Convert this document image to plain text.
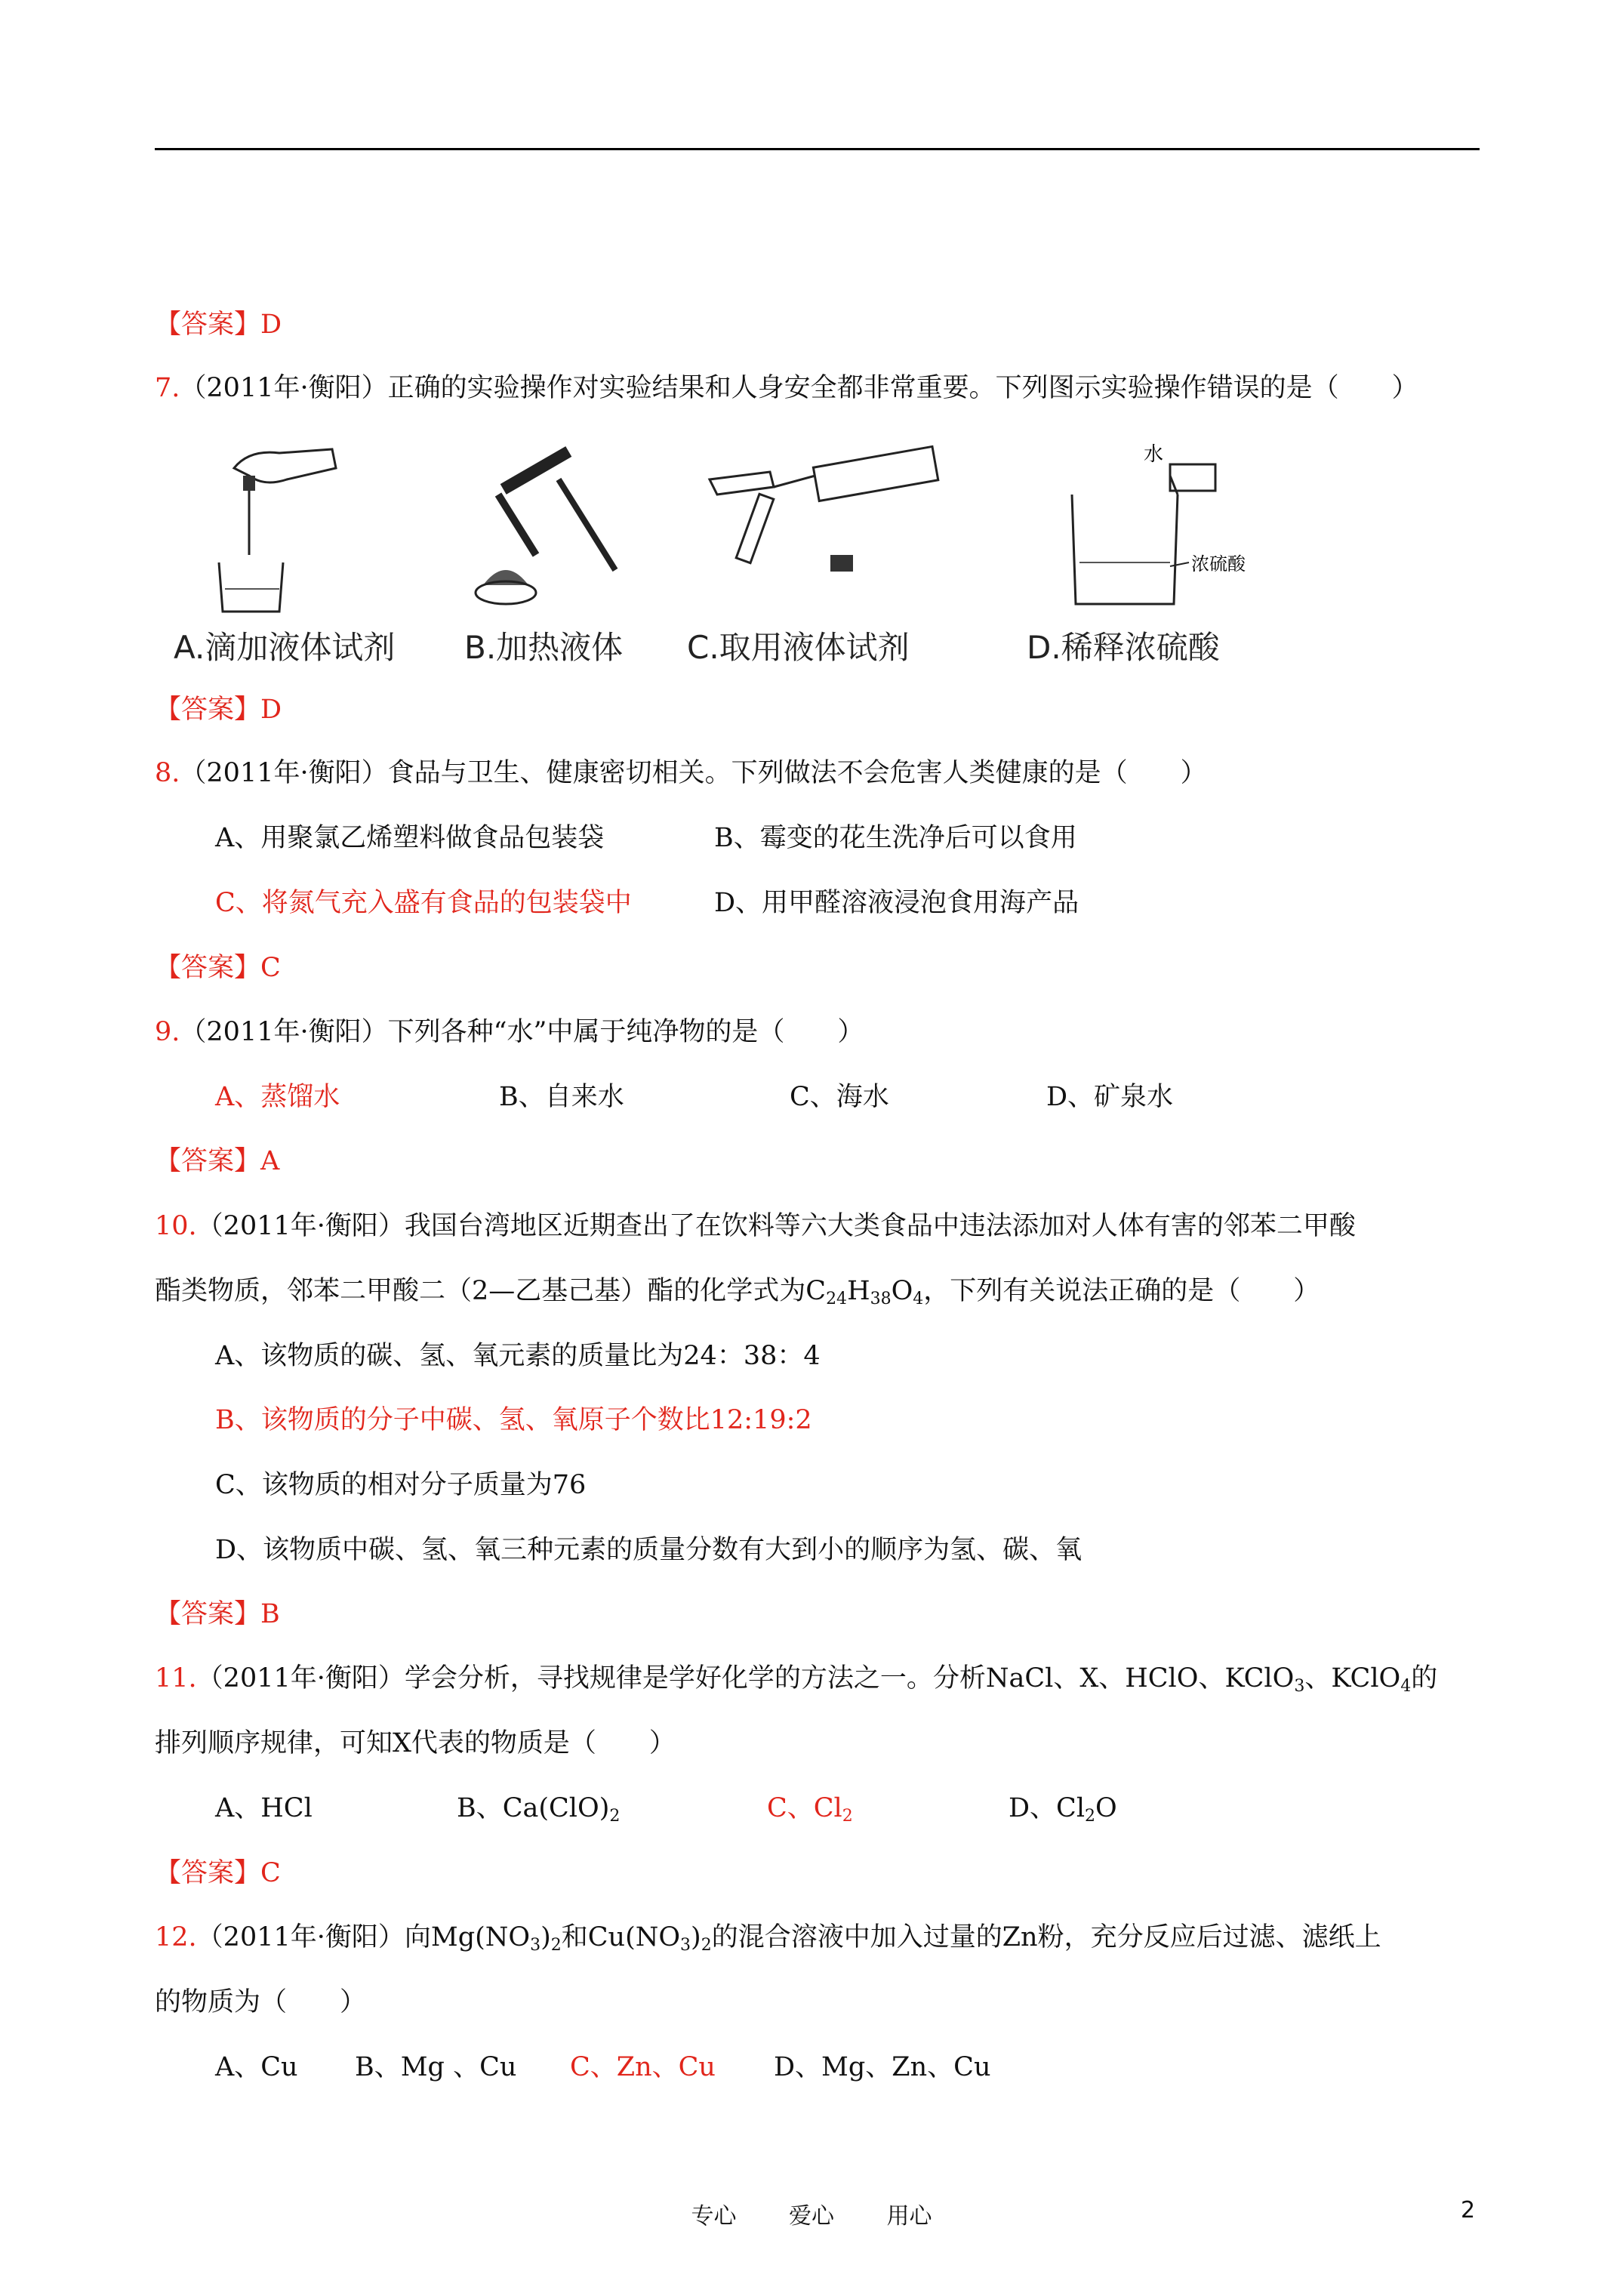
【答案】D
7.（2011年·衡阳）正确的实验操作对实验结果和人身安全都非常重要。下列图示实验操作错误的是（　　）
水
浓硫酸
A.滴加液体试剂 B.加热液体 C.取用液体试剂	D.稀释浓硫酸
【答案】D
8.（2011年·衡阳）食品与卫生、健康密切相关。下列做法不会危害人类健康的是（　　）
A、用聚氯乙烯塑料做食品包装袋	B、霉变的花生洗净后可以食用
C、将氮气充入盛有食品的包装袋中	D、用甲醛溶液浸泡食用海产品
【答案】C
9.（2011年·衡阳）下列各种“水”中属于纯净物的是（　　）
A、蒸馏水	B、自来水	C、海水	D、矿泉水
【答案】A
10.（2011年·衡阳）我国台湾地区近期查出了在饮料等六大类食品中违法添加对人体有害的邻苯二甲酸
酯类物质，邻苯二甲酸二（2—乙基己基）酯的化学式为$C_{24}H_{38}O_4$，下列有关说法正确的是（　　）
A、该物质的碳、氢、氧元素的质量比为24：38：4
B、该物质的分子中碳、氢、氧原子个数比12:19:2
C、该物质的相对分子质量为76
D、该物质中碳、氢、氧三种元素的质量分数有大到小的顺序为氢、碳、氧
【答案】B
11.（2011年·衡阳）学会分析，寻找规律是学好化学的方法之一。分析NaCl、X、HClO、KClO$_3$、KClO$_4$的
排列顺序规律，可知X代表的物质是（　　）
A、HCl	B、$Ca(ClO)_2$	C、$Cl_2$	D、$Cl_2O$
【答案】C
12.（2011年·衡阳）向$Mg(NO_3)_2$和$Cu(NO_3)_2$的混合溶液中加入过量的Zn粉，充分反应后过滤、滤纸上
的物质为（　　）
A、Cu B、Mg 、Cu C、Zn、Cu D、Mg、Zn、Cu
专心 爱心 用心	2
